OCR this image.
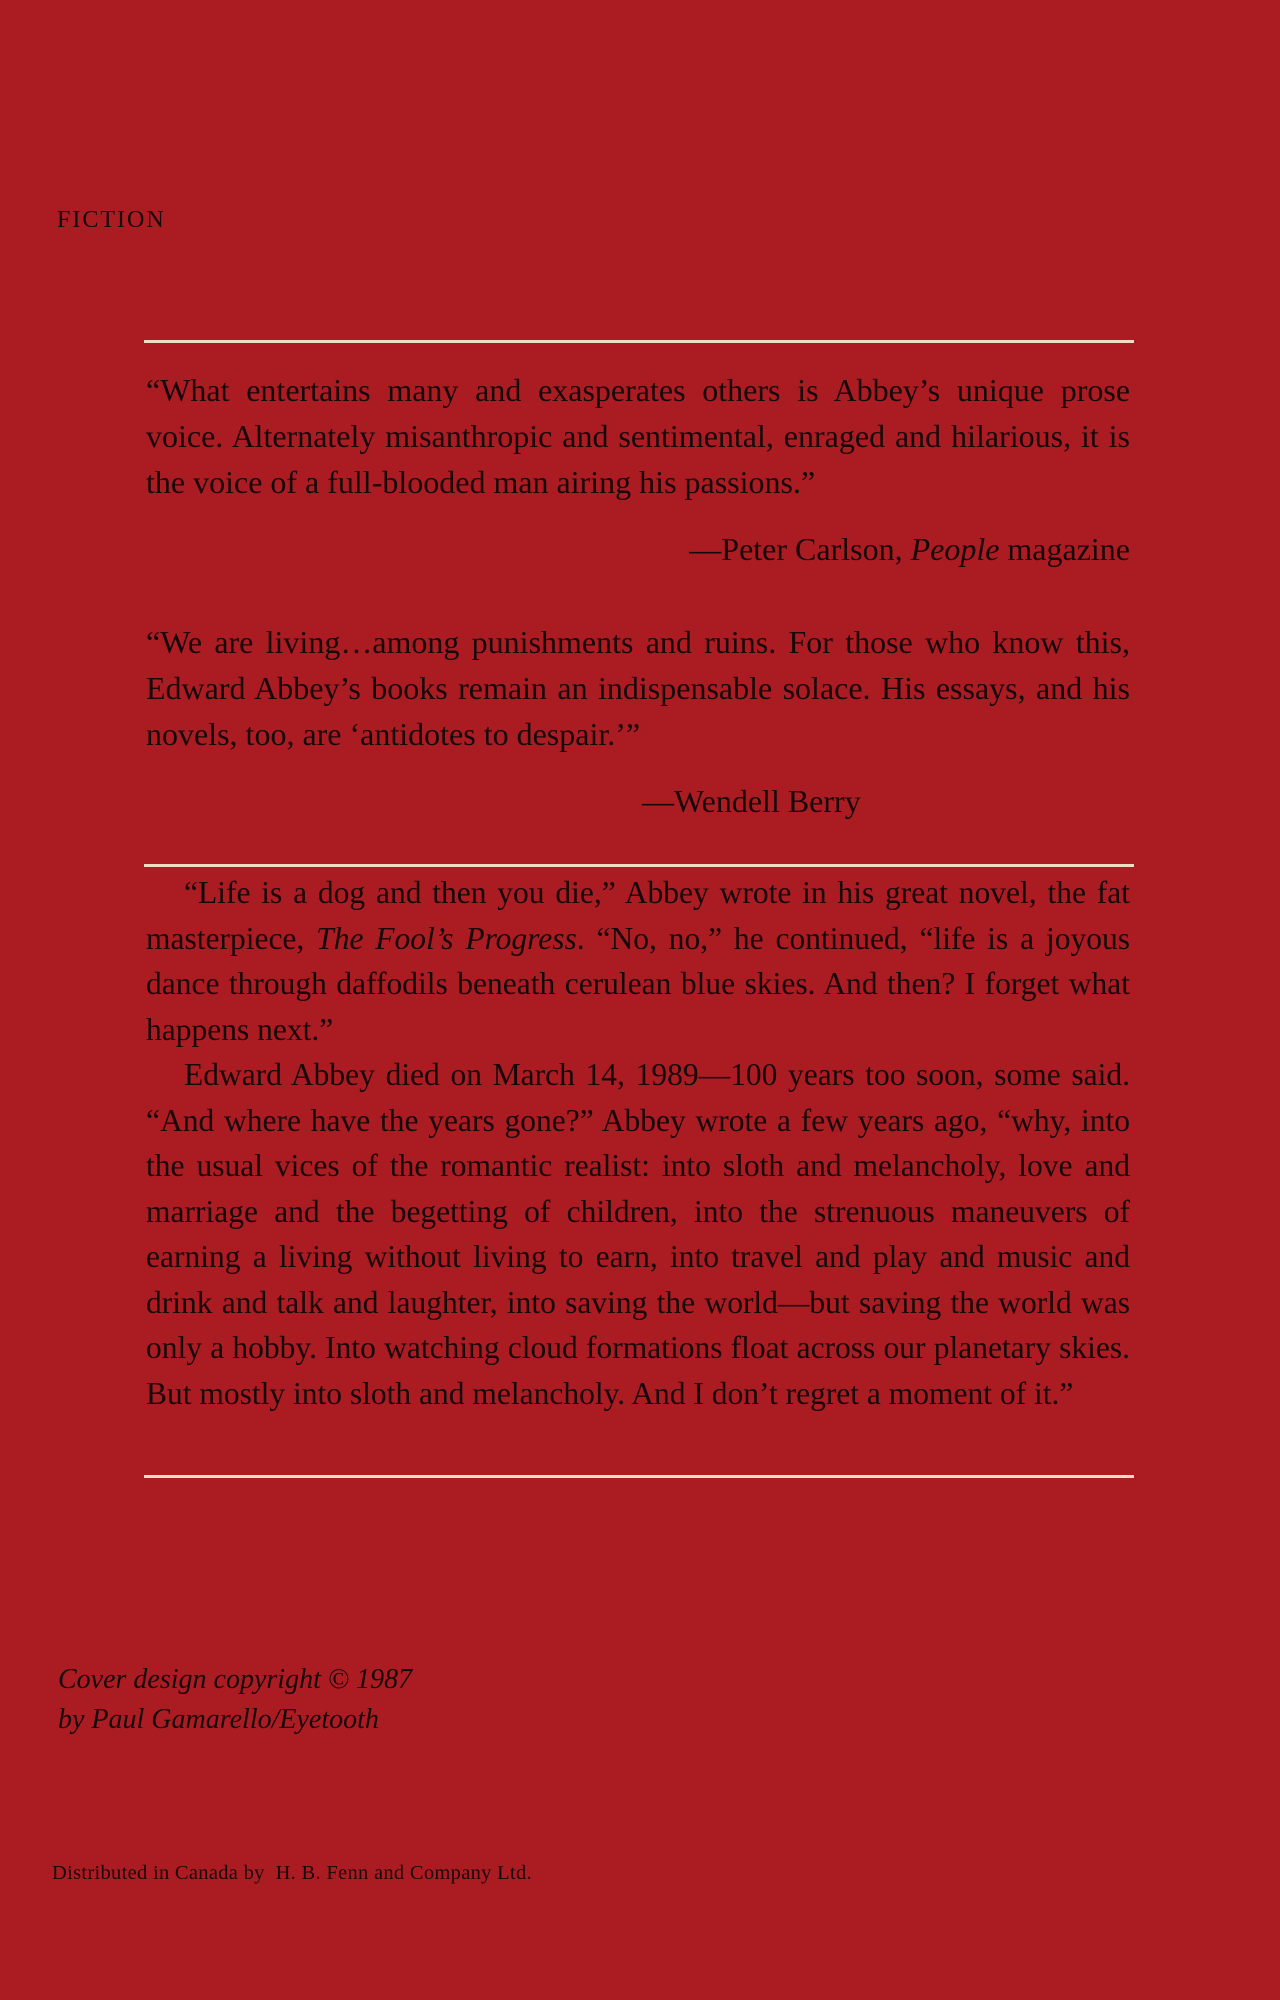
FICTION

“What entertains many and exasperates others is Abbey’s unique prose voice. Alternately misanthropic and sentimental, enraged and hilarious, it is the voice of a full-blooded man airing his passions.”

—Peter Carlson, People magazine

“We are living…among punishments and ruins. For those who know this, Edward Abbey’s books remain an indispensable solace. His essays, and his novels, too, are ‘antidotes to despair.’”

—Wendell Berry

“Life is a dog and then you die,” Abbey wrote in his great novel, the fat masterpiece, The Fool’s Progress. “No, no,” he continued, “life is a joyous dance through daffodils beneath cerulean blue skies. And then? I forget what happens next.”

Edward Abbey died on March 14, 1989—100 years too soon, some said. “And where have the years gone?” Abbey wrote a few years ago, “why, into the usual vices of the romantic realist: into sloth and melancholy, love and marriage and the begetting of children, into the strenuous maneuvers of earning a living without living to earn, into travel and play and music and drink and talk and laughter, into saving the world—but saving the world was only a hobby. Into watching cloud formations float across our planetary skies. But mostly into sloth and melancholy. And I don’t regret a moment of it.”

Cover design copyright © 1987
by Paul Gamarello/Eyetooth

Distributed in Canada by  H. B. Fenn and Company Ltd.
